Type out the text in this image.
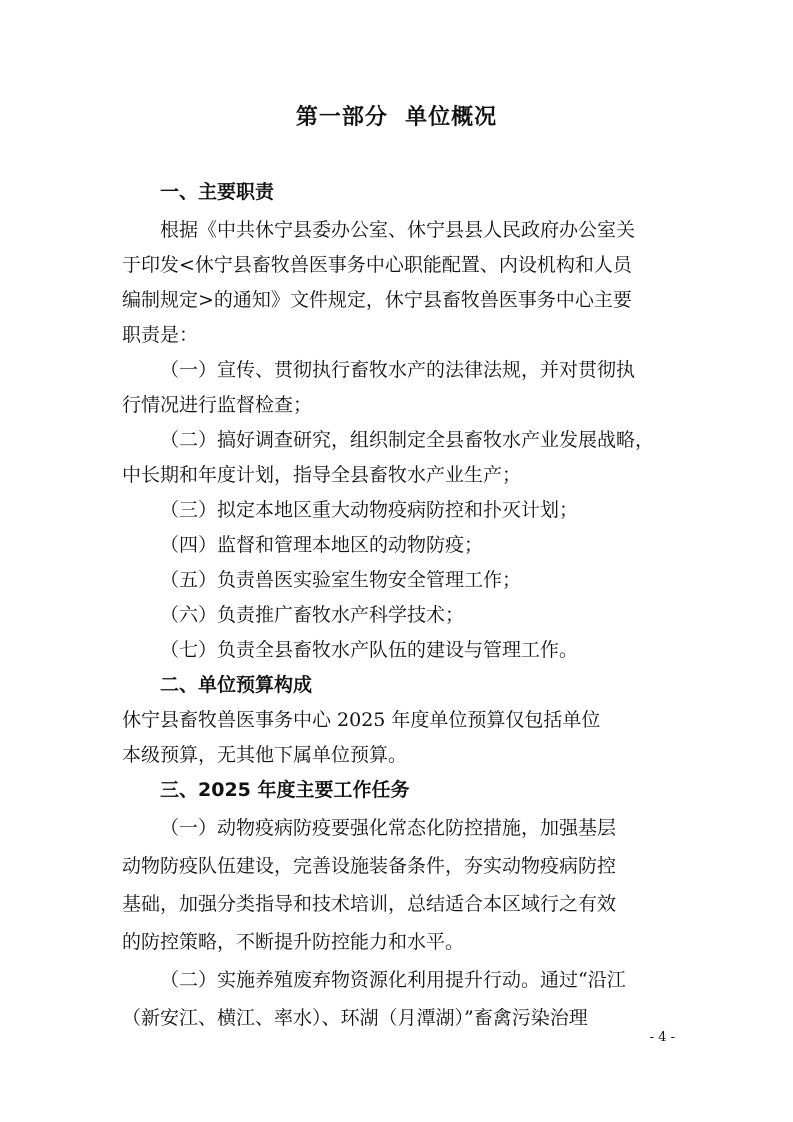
第一部分  单位概况
一、主要职责
根据《中共休宁县委办公室、休宁县县人民政府办公室关
于印发<休宁县畜牧兽医事务中心职能配置、内设机构和人员
编制规定>的通知》文件规定，休宁县畜牧兽医事务中心主要
职责是：
（一）宣传、贯彻执行畜牧水产的法律法规，并对贯彻执
行情况进行监督检查；
（二）搞好调查研究，组织制定全县畜牧水产业发展战略，
中长期和年度计划，指导全县畜牧水产业生产；
（三）拟定本地区重大动物疫病防控和扑灭计划；
（四）监督和管理本地区的动物防疫；
（五）负责兽医实验室生物安全管理工作；
（六）负责推广畜牧水产科学技术；
（七）负责全县畜牧水产队伍的建设与管理工作。
二、单位预算构成
休宁县畜牧兽医事务中心 2025 年度单位预算仅包括单位
本级预算，无其他下属单位预算。
三、2025 年度主要工作任务
（一）动物疫病防疫要强化常态化防控措施，加强基层
动物防疫队伍建设，完善设施装备条件，夯实动物疫病防控
基础，加强分类指导和技术培训，总结适合本区域行之有效
的防控策略，不断提升防控能力和水平。
（二）实施养殖废弃物资源化利用提升行动。通过“沿江
（新安江、横江、率水）、环湖（月潭湖）”畜禽污染治理
- 4 -
